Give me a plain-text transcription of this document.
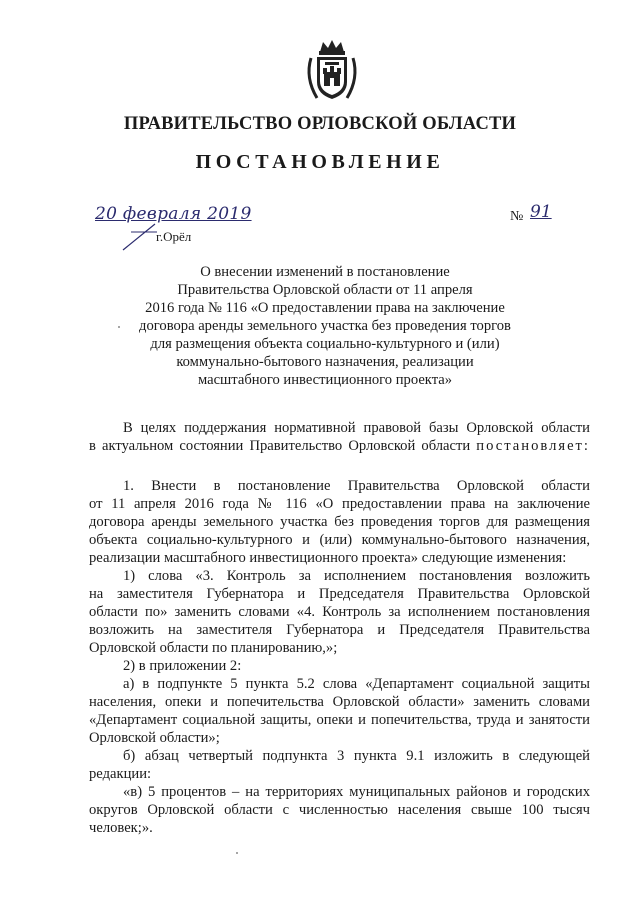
ПРАВИТЕЛЬСТВО ОРЛОВСКОЙ ОБЛАСТИ
ПОСТАНОВЛЕНИЕ
20 февраля 2019
г.Орёл
№ 91
О внесении изменений в постановление
Правительства Орловской области от 11 апреля
2016 года № 116 «О предоставлении права на заключение
договора аренды земельного участка без проведения торгов
для размещения объекта социально-культурного и (или)
коммунально-бытового назначения, реализации
масштабного инвестиционного проекта»
В целях поддержания нормативной правовой базы Орловской области
в актуальном состоянии Правительство Орловской области постановляет:
1. Внести в постановление Правительства Орловской области
от 11 апреля 2016 года № 116 «О предоставлении права на заключение
договора аренды земельного участка без проведения торгов для размещения
объекта социально-культурного и (или) коммунально-бытового назначения,
реализации масштабного инвестиционного проекта» следующие изменения:
1) слова «3. Контроль за исполнением постановления возложить
на заместителя Губернатора и Председателя Правительства Орловской
области по» заменить словами «4. Контроль за исполнением постановления
возложить на заместителя Губернатора и Председателя Правительства
Орловской области по планированию,»;
2) в приложении 2:
а) в подпункте 5 пункта 5.2 слова «Департамент социальной защиты
населения, опеки и попечительства Орловской области» заменить словами
«Департамент социальной защиты, опеки и попечительства, труда и занятости
Орловской области»;
б) абзац четвертый подпункта 3 пункта 9.1 изложить в следующей
редакции:
«в) 5 процентов – на территориях муниципальных районов и городских
округов Орловской области с численностью населения свыше 100 тысяч
человек;».
